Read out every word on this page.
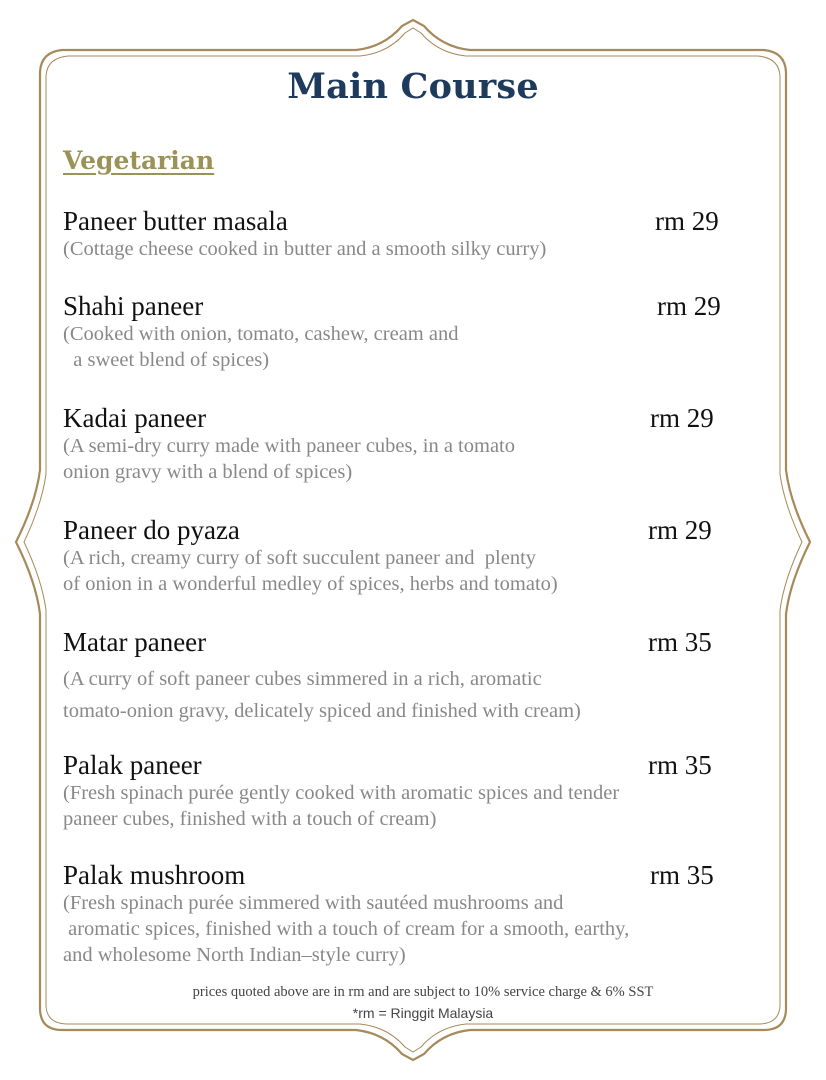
Main Course
Vegetarian
Paneer butter masala	rm 29
(Cottage cheese cooked in butter and a smooth silky curry)
Shahi paneer	rm 29
(Cooked with onion, tomato, cashew, cream and
a sweet blend of spices)
Kadai paneer	rm 29
(A semi-dry curry made with paneer cubes, in a tomato
onion gravy with a blend of spices)
Paneer do pyaza	rm 29
(A rich, creamy curry of soft succulent paneer and  plenty
of onion in a wonderful medley of spices, herbs and tomato)
Matar paneer	rm 35
(A curry of soft paneer cubes simmered in a rich, aromatic
tomato-onion gravy, delicately spiced and finished with cream)
Palak paneer	rm 35
(Fresh spinach purée gently cooked with aromatic spices and tender
paneer cubes, finished with a touch of cream)
Palak mushroom	rm 35
(Fresh spinach purée simmered with sautéed mushrooms and
aromatic spices, finished with a touch of cream for a smooth, earthy,
and wholesome North Indian–style curry)
prices quoted above are in rm and are subject to 10% service charge & 6% SST
*rm = Ringgit Malaysia
